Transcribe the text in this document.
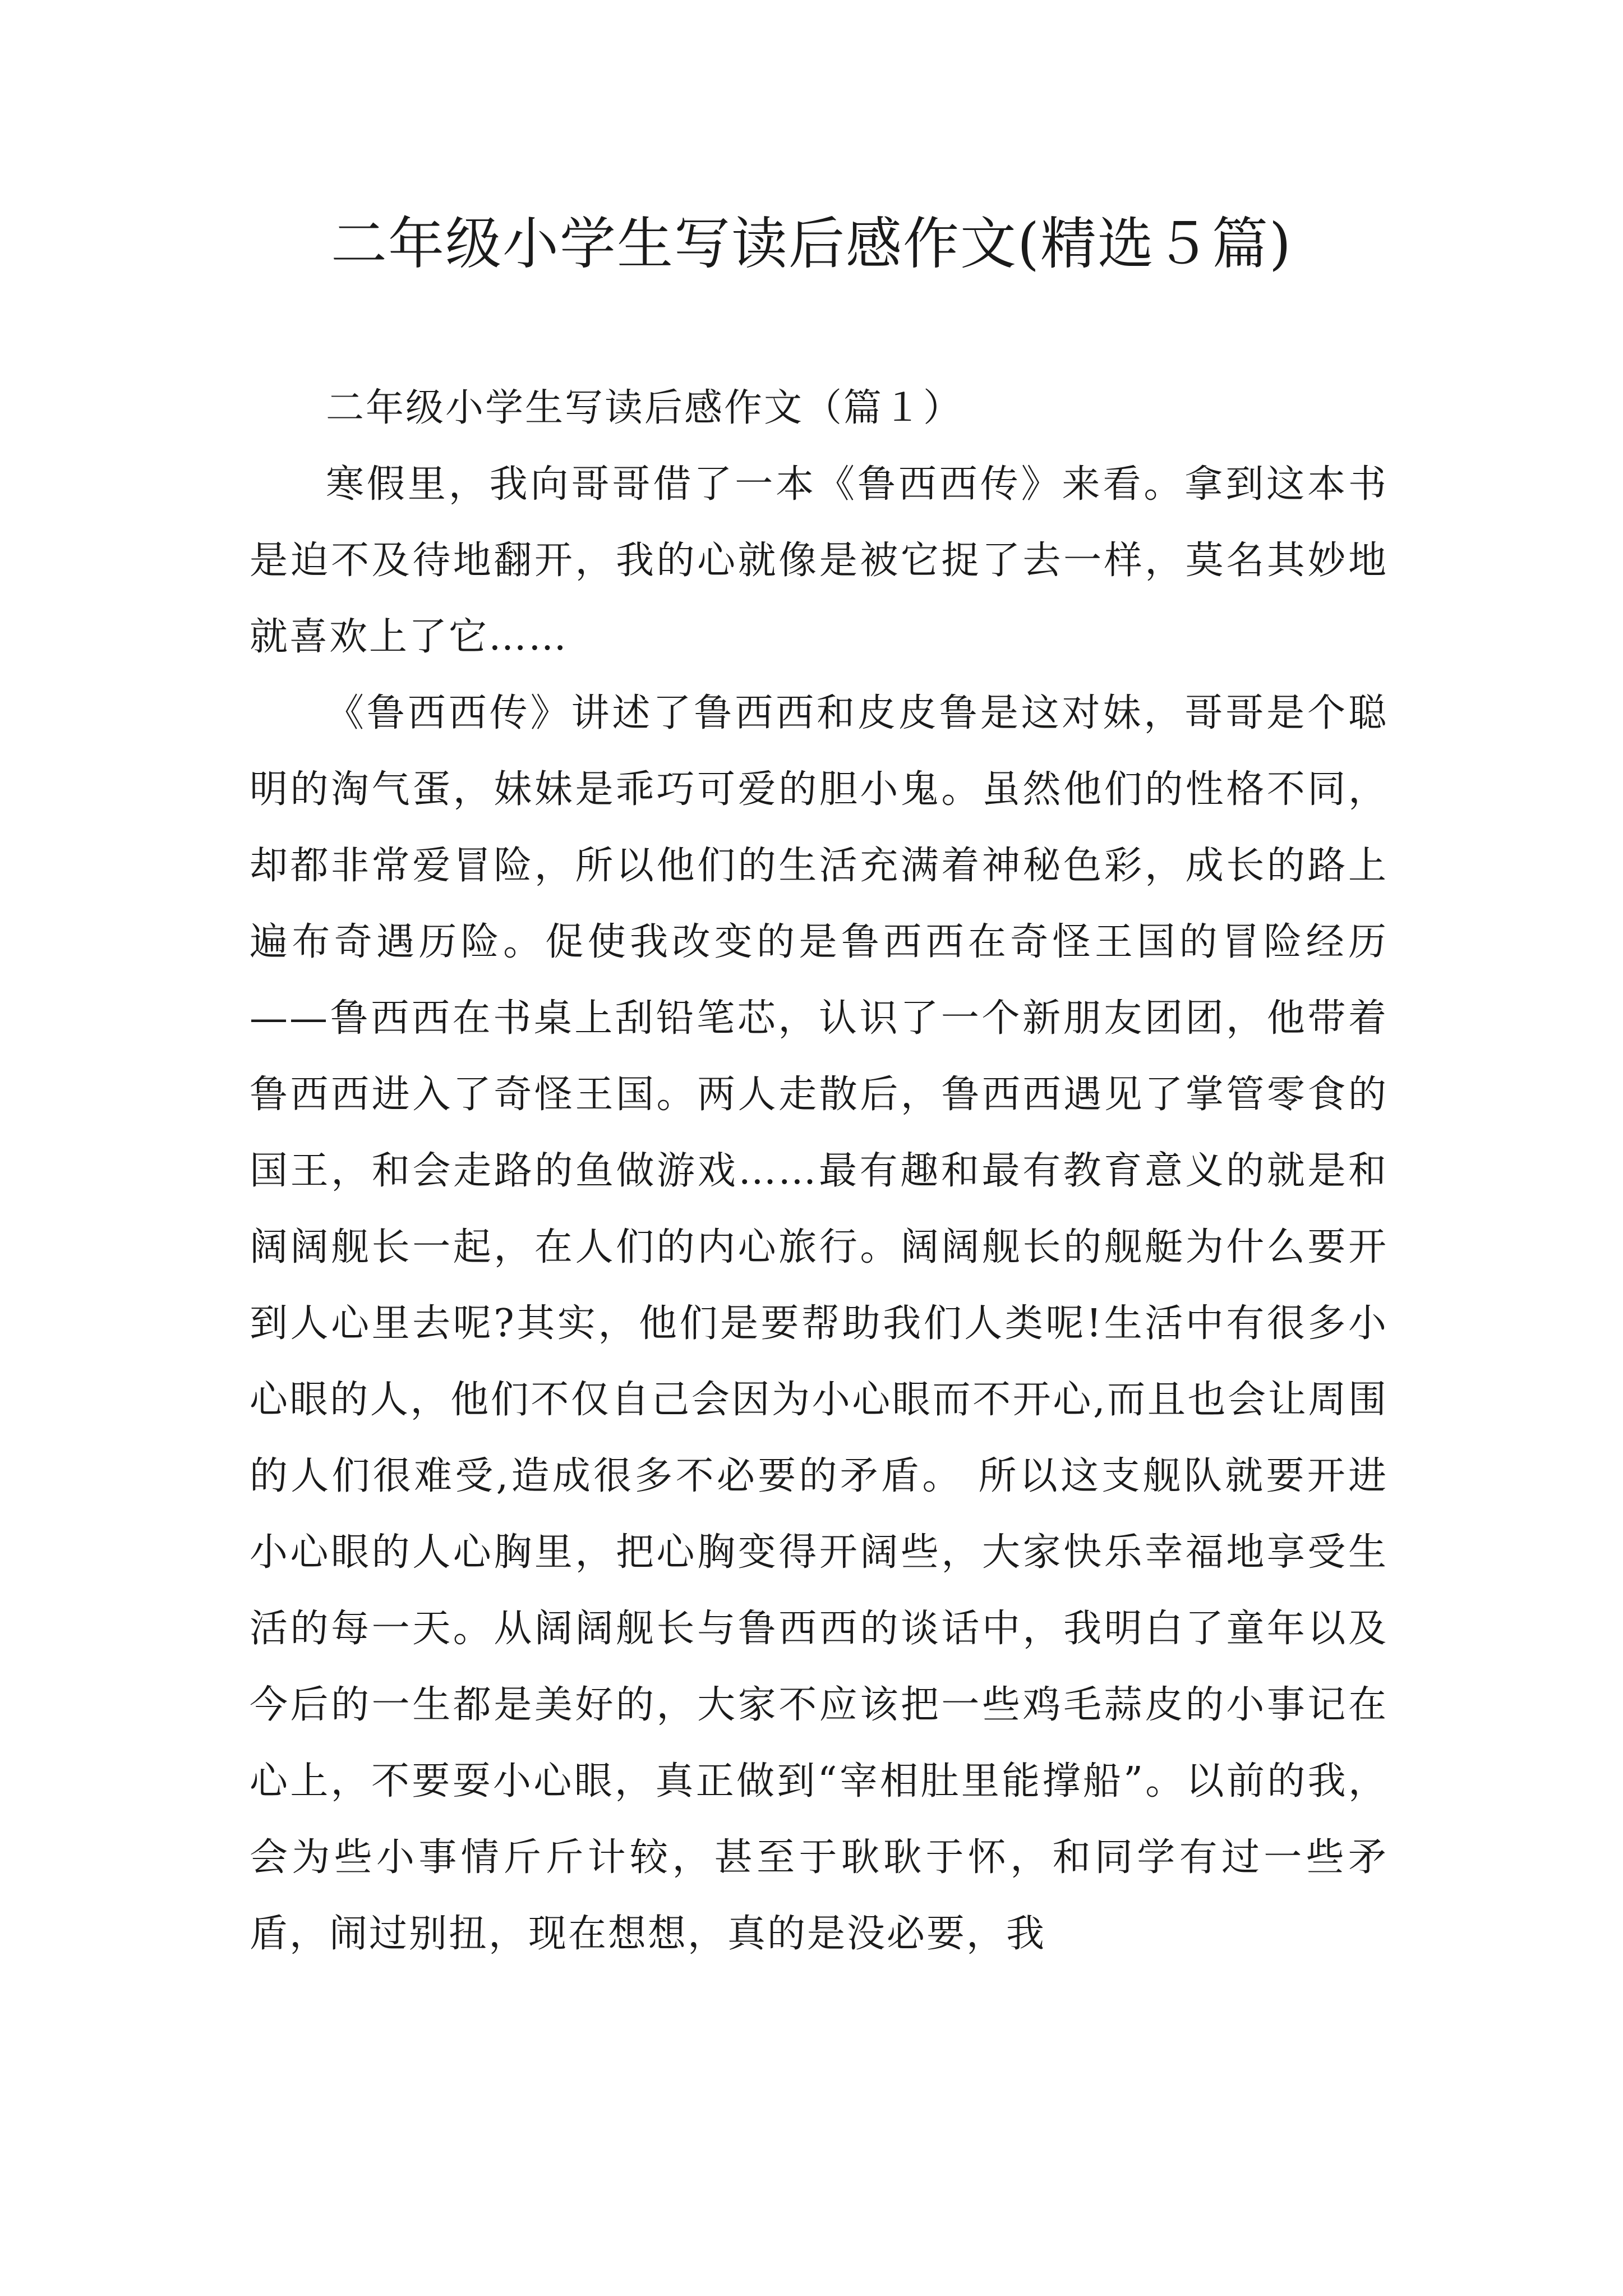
二年级小学生写读后感作文(精选５篇)

二年级小学生写读后感作文（篇１）

寒假里，我向哥哥借了一本《鲁西西传》来看。拿到这本书是迫不及待地翻开，我的心就像是被它捉了去一样，莫名其妙地就喜欢上了它……

《鲁西西传》讲述了鲁西西和皮皮鲁是这对妹，哥哥是个聪明的淘气蛋，妹妹是乖巧可爱的胆小鬼。虽然他们的性格不同，却都非常爱冒险，所以他们的生活充满着神秘色彩，成长的路上遍布奇遇历险。促使我改变的是鲁西西在奇怪王国的冒险经历——鲁西西在书桌上刮铅笔芯，认识了一个新朋友团团，他带着鲁西西进入了奇怪王国。两人走散后，鲁西西遇见了掌管零食的国王，和会走路的鱼做游戏……最有趣和最有教育意义的就是和阔阔舰长一起，在人们的内心旅行。阔阔舰长的舰艇为什么要开到人心里去呢?其实，他们是要帮助我们人类呢!生活中有很多小心眼的人，他们不仅自己会因为小心眼而不开心,而且也会让周围的人们很难受,造成很多不必要的矛盾。 所以这支舰队就要开进小心眼的人心胸里，把心胸变得开阔些，大家快乐幸福地享受生活的每一天。从阔阔舰长与鲁西西的谈话中，我明白了童年以及今后的一生都是美好的，大家不应该把一些鸡毛蒜皮的小事记在心上，不要耍小心眼，真正做到“宰相肚里能撑船”。以前的我，会为些小事情斤斤计较，甚至于耿耿于怀，和同学有过一些矛盾，闹过别扭，现在想想，真的是没必要，我
